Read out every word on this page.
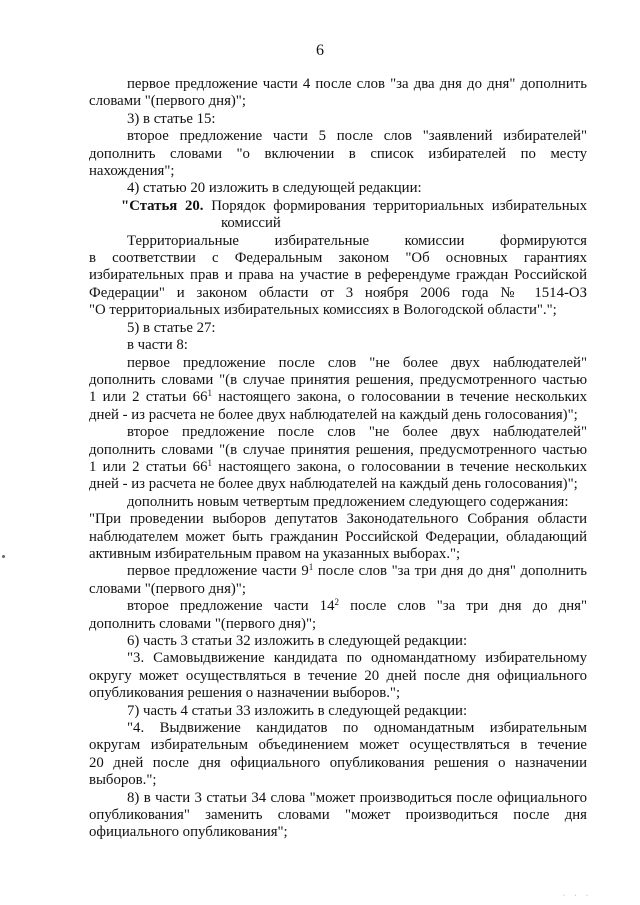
6

первое предложение части 4 после слов "за два дня до дня" дополнить

словами "(первого дня)";

3) в статье 15:

второе предложение части 5 после слов "заявлений избирателей"

дополнить словами "о включении в список избирателей по месту

нахождения";

4) статью 20 изложить в следующей редакции:

"Статья 20. Порядок формирования территориальных избирательных
комиссий

Территориальные избирательные комиссии формируются

в соответствии с Федеральным законом "Об основных гарантиях

избирательных прав и права на участие в референдуме граждан Российской

Федерации" и законом области от 3 ноября 2006 года № 1514-ОЗ

"О территориальных избирательных комиссиях в Вологодской области".";

5) в статье 27:

в части 8:

первое предложение после слов "не более двух наблюдателей"

дополнить словами "(в случае принятия решения, предусмотренного частью

1 или 2 статьи $66^1$ настоящего закона, о голосовании в течение нескольких

дней - из расчета не более двух наблюдателей на каждый день голосования)";

второе предложение после слов "не более двух наблюдателей"

дополнить словами "(в случае принятия решения, предусмотренного частью

1 или 2 статьи $66^1$ настоящего закона, о голосовании в течение нескольких

дней - из расчета не более двух наблюдателей на каждый день голосования)";

дополнить новым четвертым предложением следующего содержания:

"При проведении выборов депутатов Законодательного Собрания области

наблюдателем может быть гражданин Российской Федерации, обладающий

активным избирательным правом на указанных выборах.";

первое предложение части $9^1$ после слов "за три дня до дня" дополнить

словами "(первого дня)";

второе предложение части $14^2$ после слов "за три дня до дня"

дополнить словами "(первого дня)";

6) часть 3 статьи 32 изложить в следующей редакции:

"3. Самовыдвижение кандидата по одномандатному избирательному

округу может осуществляться в течение 20 дней после дня официального

опубликования решения о назначении выборов.";

7) часть 4 статьи 33 изложить в следующей редакции:

"4. Выдвижение кандидатов по одномандатным избирательным

округам избирательным объединением может осуществляться в течение

20 дней после дня официального опубликования решения о назначении

выборов.";

8) в части 3 статьи 34 слова "может производиться после официального

опубликования" заменить словами "может производиться после дня

официального опубликования";

· · ·
